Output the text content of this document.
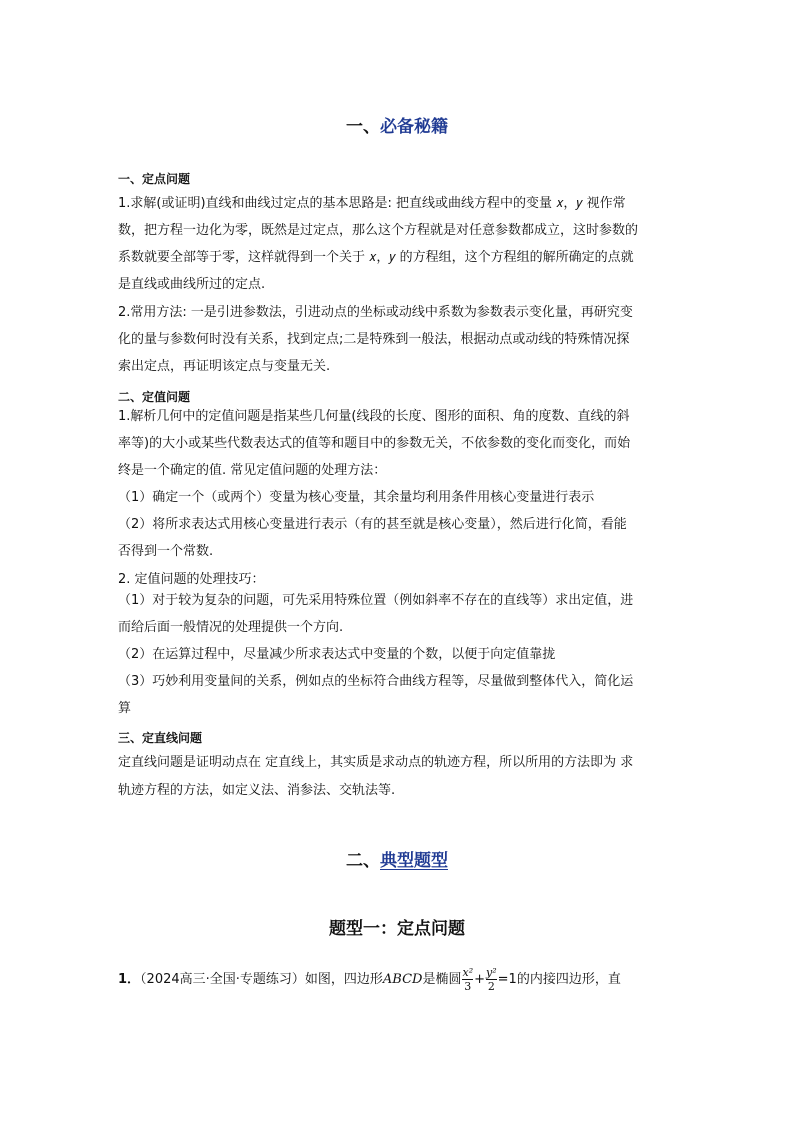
一、必备秘籍
一、定点问题
1.求解(或证明)直线和曲线过定点的基本思路是: 把直线或曲线方程中的变量 𝑥，𝑦 视作常
数，把方程一边化为零，既然是过定点，那么这个方程就是对任意参数都成立，这时参数的
系数就要全部等于零，这样就得到一个关于 𝑥，𝑦 的方程组，这个方程组的解所确定的点就
是直线或曲线所过的定点.
2.常用方法: 一是引进参数法，引进动点的坐标或动线中系数为参数表示变化量，再研究变
化的量与参数何时没有关系，找到定点;二是特殊到一般法，根据动点或动线的特殊情况探
索出定点，再证明该定点与变量无关.
二、定值问题
1.解析几何中的定值问题是指某些几何量(线段的长度、图形的面积、角的度数、直线的斜
率等)的大小或某些代数表达式的值等和题目中的参数无关，不依参数的变化而变化，而始
终是一个确定的值. 常见定值问题的处理方法：
（1）确定一个（或两个）变量为核心变量，其余量均利用条件用核心变量进行表示
（2）将所求表达式用核心变量进行表示（有的甚至就是核心变量），然后进行化简，看能
否得到一个常数.
2. 定值问题的处理技巧：
（1）对于较为复杂的问题，可先采用特殊位置（例如斜率不存在的直线等）求出定值，进
而给后面一般情况的处理提供一个方向.
（2）在运算过程中，尽量减少所求表达式中变量的个数，以便于向定值靠拢
（3）巧妙利用变量间的关系，例如点的坐标符合曲线方程等，尽量做到整体代入，简化运
算
三、定直线问题
定直线问题是证明动点在 定直线上，其实质是求动点的轨迹方程，所以所用的方法即为 求
轨迹方程的方法，如定义法、消参法、交轨法等.
二、典型题型
题型一：定点问题
1．（2024高三·全国·专题练习）如图，四边形ABCD是椭圆 $\frac{\text{x²}}{3} + \frac{\text{y²}}{2} =1$的内接四边形，直
